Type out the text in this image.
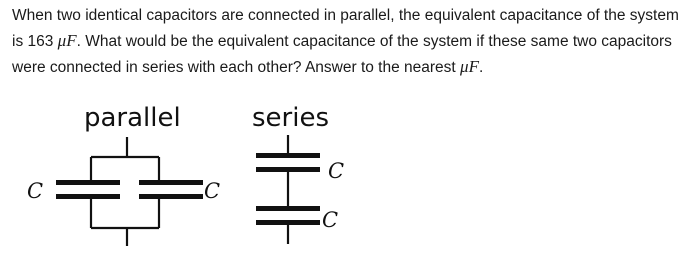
When two identical capacitors are connected in parallel, the equivalent capacitance of the system is 163 μF. What would be the equivalent capacitance of the system if these same two capacitors were connected in series with each other? Answer to the nearest μF.
parallel	series
C	C
C
C
